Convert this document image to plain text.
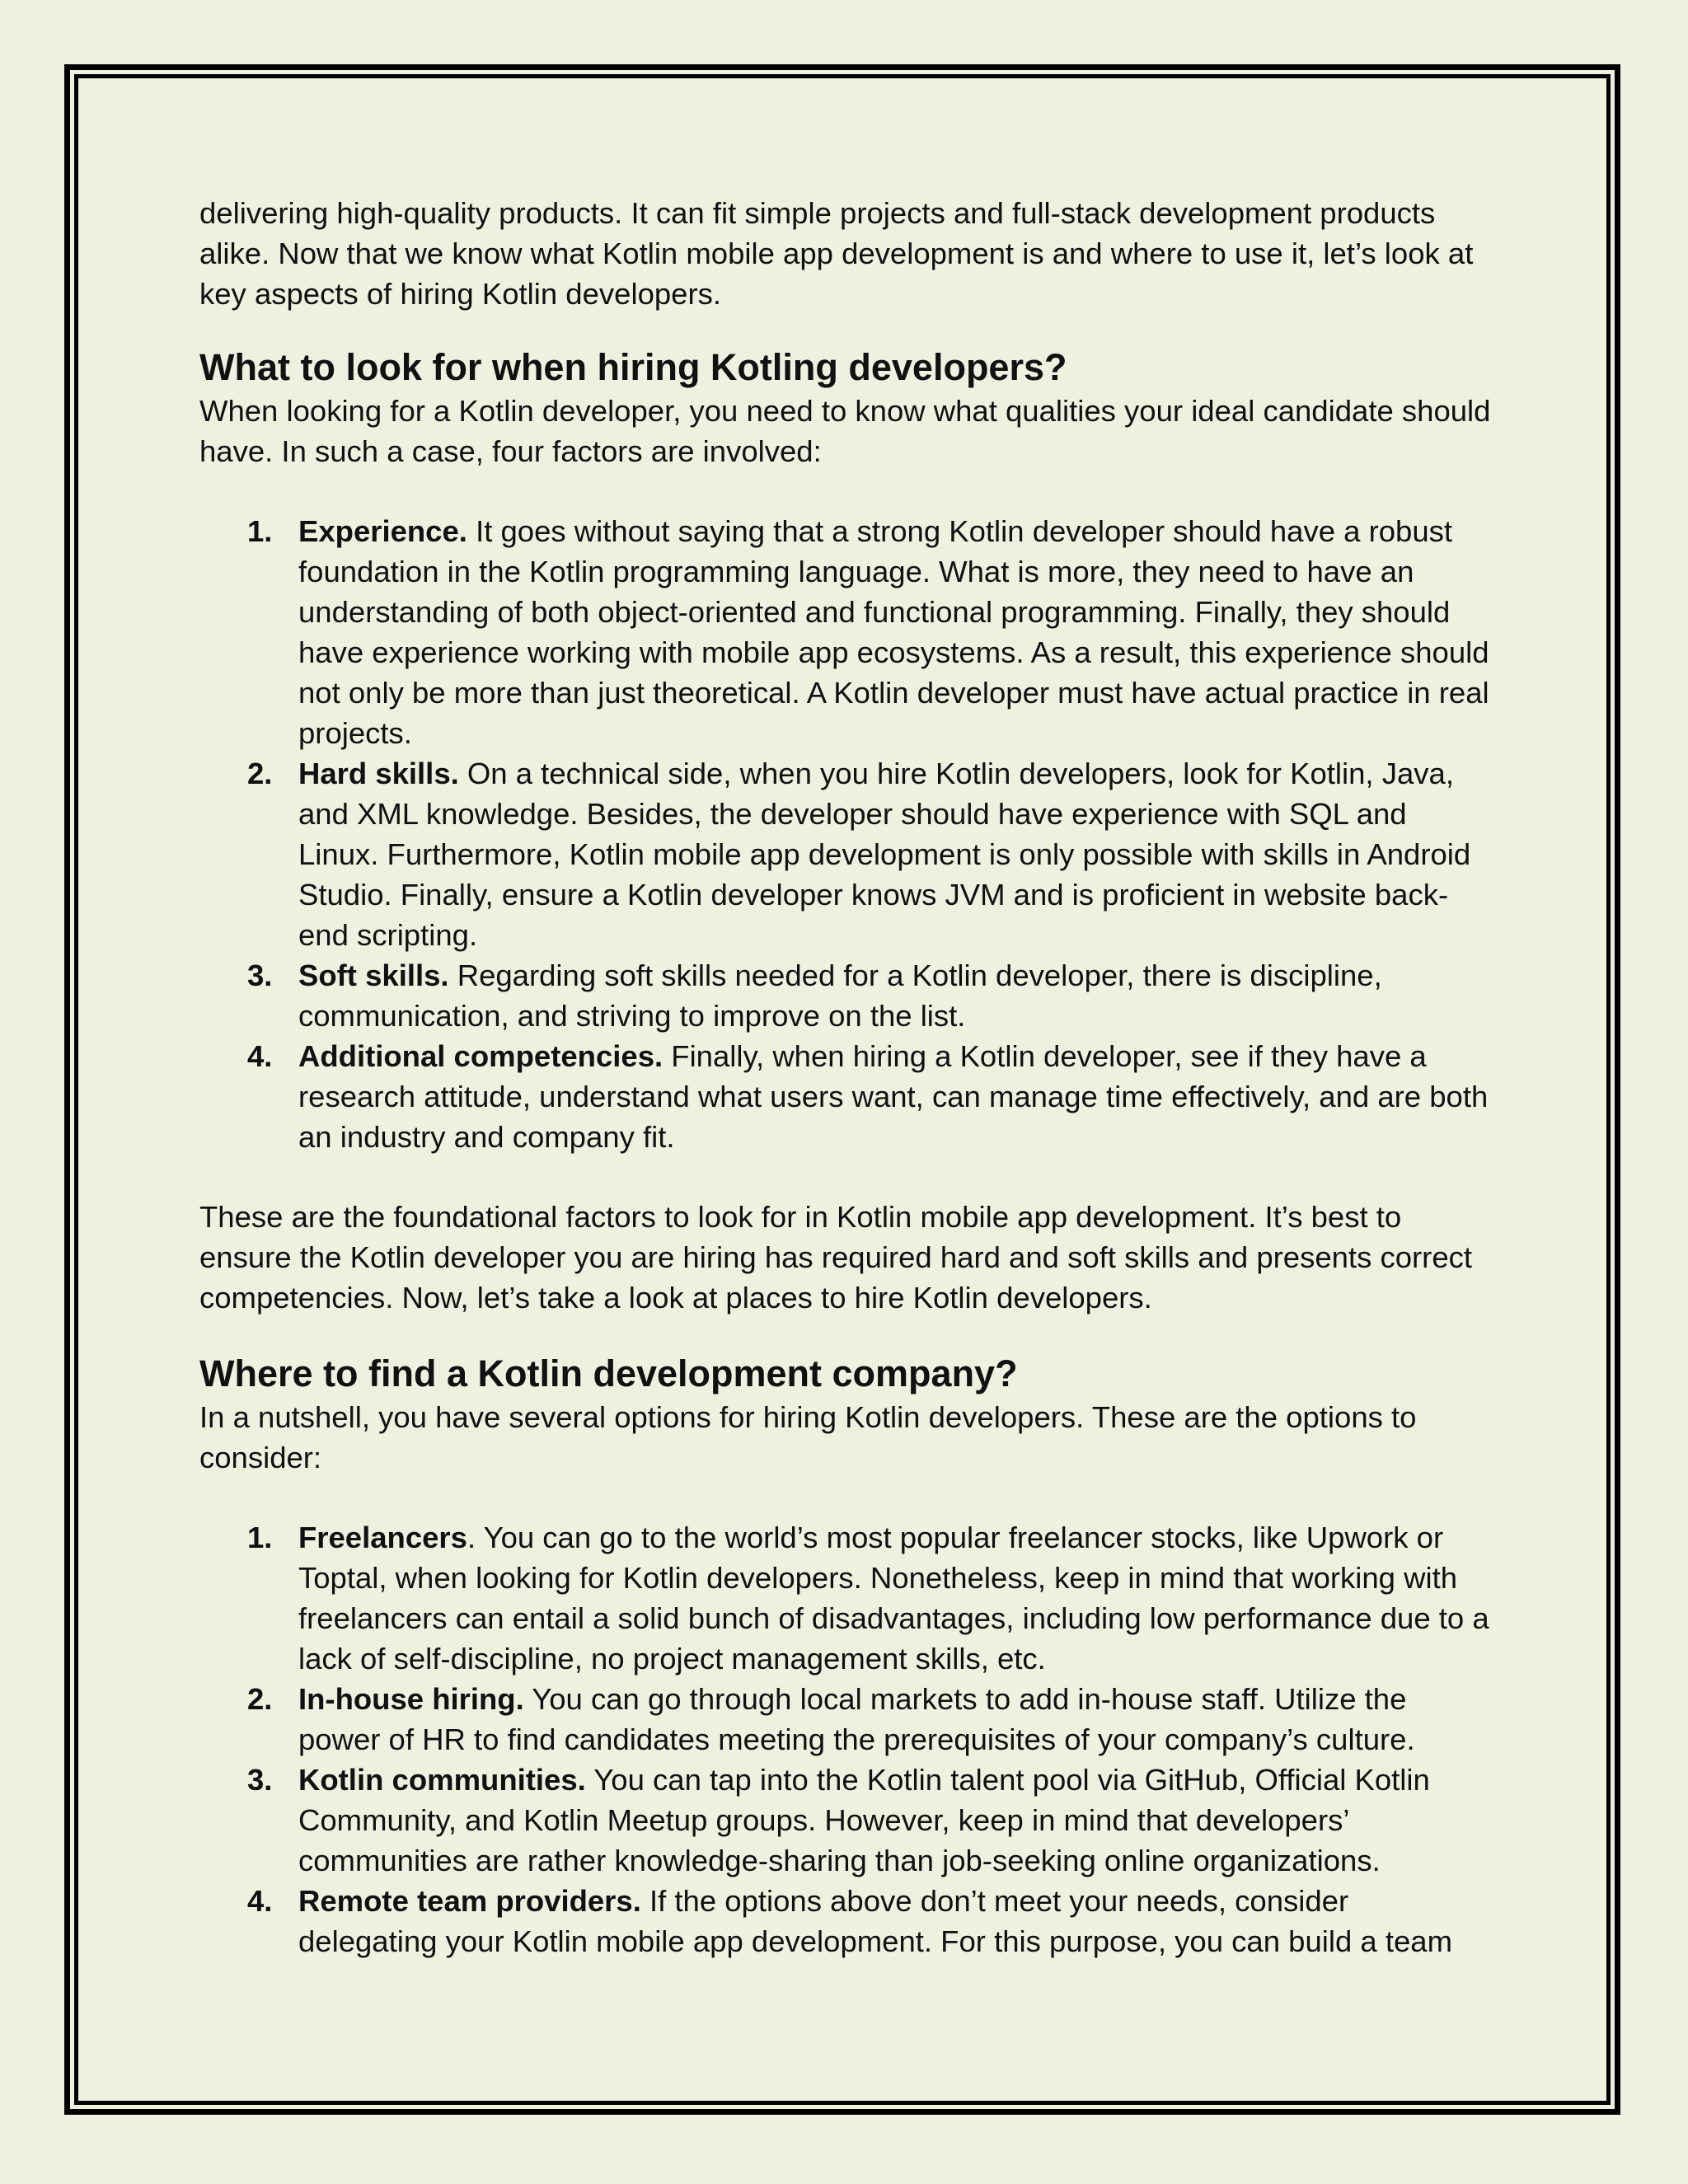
delivering high-quality products. It can fit simple projects and full-stack development products alike. Now that we know what Kotlin mobile app development is and where to use it, let’s look at key aspects of hiring Kotlin developers.

What to look for when hiring Kotling developers?

When looking for a Kotlin developer, you need to know what qualities your ideal candidate should have. In such a case, four factors are involved:

1. Experience. It goes without saying that a strong Kotlin developer should have a robust foundation in the Kotlin programming language. What is more, they need to have an understanding of both object-oriented and functional programming. Finally, they should have experience working with mobile app ecosystems. As a result, this experience should not only be more than just theoretical. A Kotlin developer must have actual practice in real projects.
2. Hard skills. On a technical side, when you hire Kotlin developers, look for Kotlin, Java, and XML knowledge. Besides, the developer should have experience with SQL and Linux. Furthermore, Kotlin mobile app development is only possible with skills in Android Studio. Finally, ensure a Kotlin developer knows JVM and is proficient in website back-end scripting.
3. Soft skills. Regarding soft skills needed for a Kotlin developer, there is discipline, communication, and striving to improve on the list.
4. Additional competencies. Finally, when hiring a Kotlin developer, see if they have a research attitude, understand what users want, can manage time effectively, and are both an industry and company fit.

These are the foundational factors to look for in Kotlin mobile app development. It’s best to ensure the Kotlin developer you are hiring has required hard and soft skills and presents correct competencies. Now, let’s take a look at places to hire Kotlin developers.

Where to find a Kotlin development company?

In a nutshell, you have several options for hiring Kotlin developers. These are the options to consider:

1. Freelancers. You can go to the world’s most popular freelancer stocks, like Upwork or Toptal, when looking for Kotlin developers. Nonetheless, keep in mind that working with freelancers can entail a solid bunch of disadvantages, including low performance due to a lack of self-discipline, no project management skills, etc.
2. In-house hiring. You can go through local markets to add in-house staff. Utilize the power of HR to find candidates meeting the prerequisites of your company’s culture.
3. Kotlin communities. You can tap into the Kotlin talent pool via GitHub, Official Kotlin Community, and Kotlin Meetup groups. However, keep in mind that developers’ communities are rather knowledge-sharing than job-seeking online organizations.
4. Remote team providers. If the options above don’t meet your needs, consider delegating your Kotlin mobile app development. For this purpose, you can build a team
